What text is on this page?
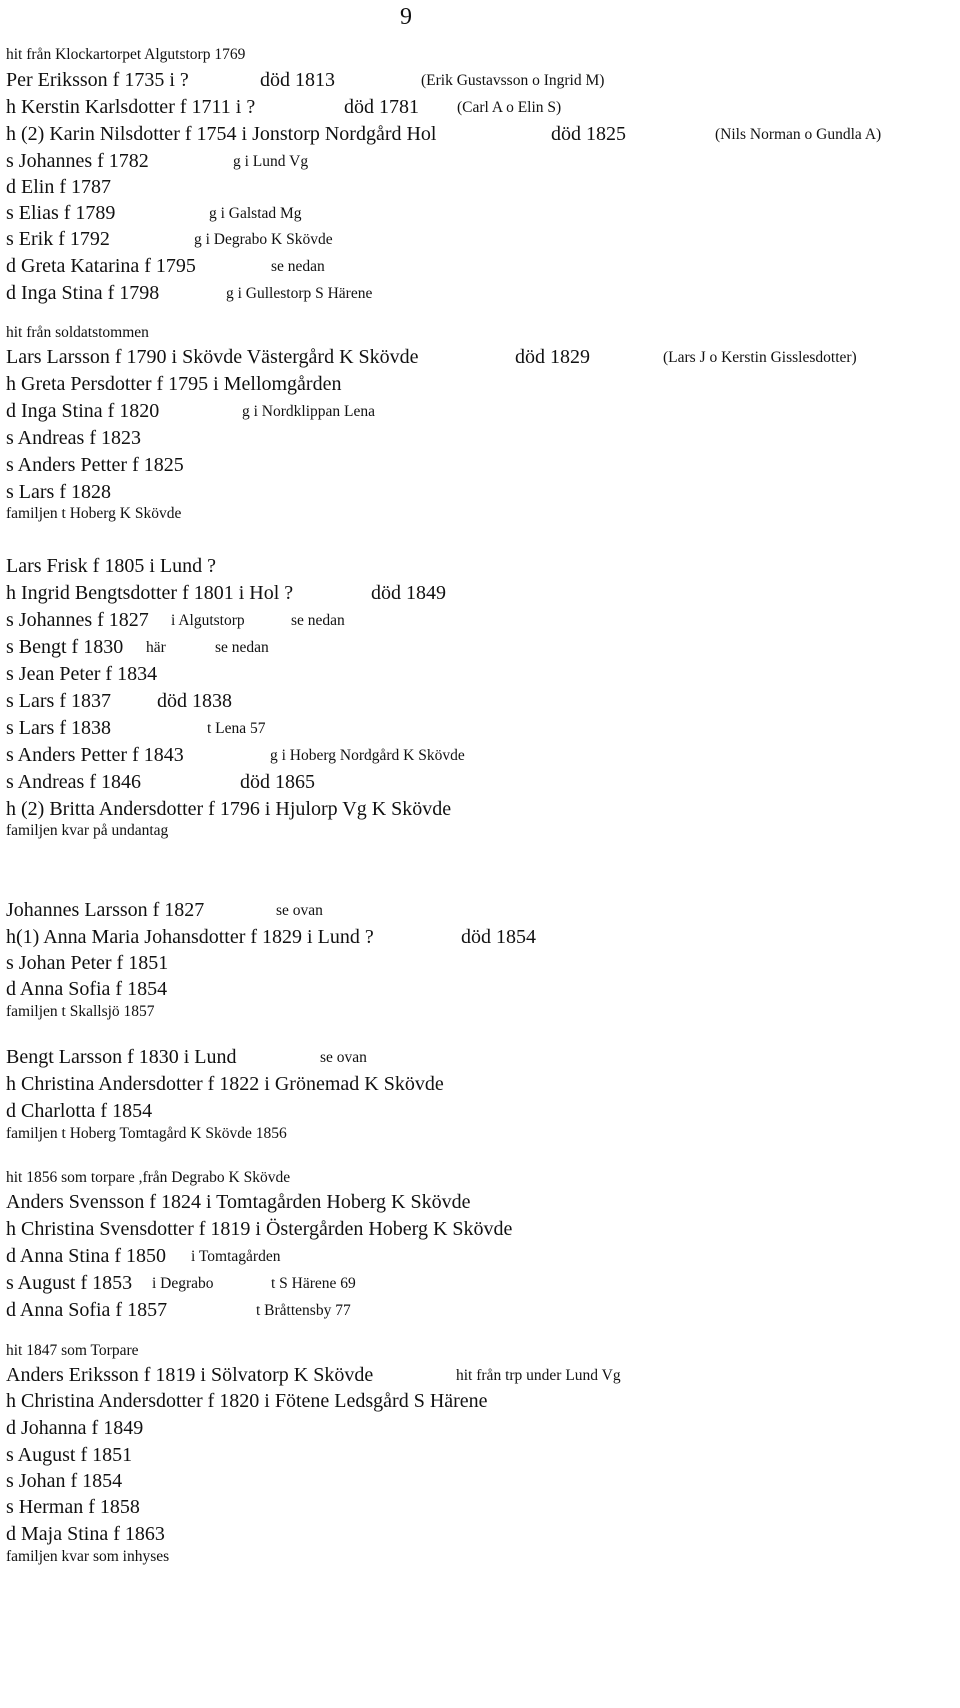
9
hit från Klockartorpet Algutstorp 1769
Per Eriksson f 1735 i ?	död 1813	(Erik Gustavsson o Ingrid M)
h Kerstin Karlsdotter f 1711 i ?	död 1781 (Carl A o Elin S)
h (2) Karin Nilsdotter f 1754 i Jonstorp Nordgård Hol	död 1825	(Nils Norman o Gundla A)
s Johannes f 1782	g i Lund Vg
d Elin f 1787
s Elias f 1789	g i Galstad Mg
s Erik f 1792	g i Degrabo K Skövde
d Greta Katarina f 1795	se nedan
d Inga Stina f 1798	g i Gullestorp S Härene
hit från soldatstommen
Lars Larsson f 1790 i Skövde Västergård K Skövde	död 1829	(Lars J o Kerstin Gisslesdotter)
h Greta Persdotter f 1795 i Mellomgården
d Inga Stina f 1820	g i Nordklippan Lena
s Andreas f 1823
s Anders Petter f 1825
s Lars f 1828
familjen t Hoberg K Skövde
Lars Frisk f 1805 i Lund ?
h Ingrid Bengtsdotter f 1801 i Hol ?	död 1849
s Johannes f 1827 i Algutstorp	se nedan
s Bengt f 1830 här	se nedan
s Jean Peter f 1834
s Lars f 1837 död 1838
s Lars f 1838	t Lena 57
s Anders Petter f 1843	g i Hoberg Nordgård K Skövde
s Andreas f 1846	död 1865
h (2) Britta Andersdotter f 1796 i Hjulorp Vg K Skövde
familjen kvar på undantag
Johannes Larsson f 1827	se ovan
h(1) Anna Maria Johansdotter f 1829 i Lund ?	död 1854
s Johan Peter f 1851
d Anna Sofia f 1854
familjen t Skallsjö 1857
Bengt Larsson f 1830 i Lund	se ovan
h Christina Andersdotter f 1822 i Grönemad K Skövde
d Charlotta f 1854
familjen t Hoberg Tomtagård K Skövde 1856
hit 1856 som torpare ,från Degrabo K Skövde
Anders Svensson f 1824 i Tomtagården Hoberg K Skövde
h Christina Svensdotter f 1819 i Östergården Hoberg K Skövde
d Anna Stina f 1850 i Tomtagården
s August f 1853 i Degrabo	t S Härene 69
d Anna Sofia f 1857	t Bråttensby 77
hit 1847 som Torpare
Anders Eriksson f 1819 i Sölvatorp K Skövde	hit från trp under Lund Vg
h Christina Andersdotter f 1820 i Fötene Ledsgård S Härene
d Johanna f 1849
s August f 1851
s Johan f 1854
s Herman f 1858
d Maja Stina f 1863
familjen kvar som inhyses
